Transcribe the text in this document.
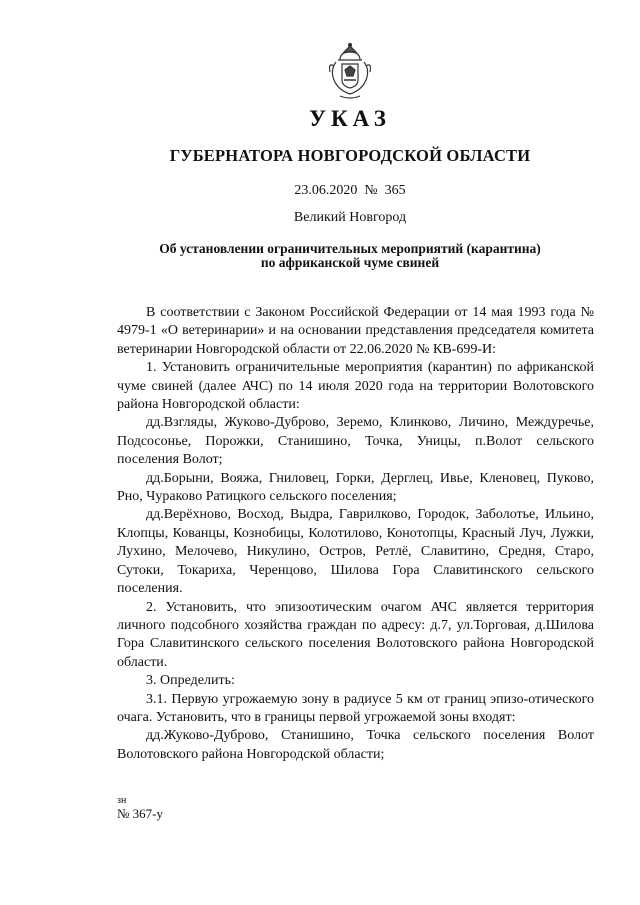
УКАЗ
ГУБЕРНАТОРА НОВГОРОДСКОЙ ОБЛАСТИ
23.06.2020  №  365
Великий Новгород
Об установлении ограничительных мероприятий (карантина)
по африканской чуме свиней

В соответствии с Законом Российской Федерации от 14 мая 1993 года № 4979-1 «О ветеринарии» и на основании представления председателя комитета ветеринарии Новгородской области от 22.06.2020 № КВ-699-И:

1. Установить ограничительные мероприятия (карантин) по африканской чуме свиней (далее АЧС) по 14 июля 2020 года на территории Волотовского района Новгородской области:

дд.Взгляды, Жуково-Дуброво, Зеремо, Клинково, Личино, Междуречье, Подсосонье, Порожки, Станишино, Точка, Уницы, п.Волот сельского поселения Волот;

дд.Борыни, Вояжа, Гниловец, Горки, Дерглец, Ивье, Кленовец, Пуково, Рно, Чураково Ратицкого сельского поселения;

дд.Верёхново, Восход, Выдра, Гаврилково, Городок, Заболотье, Ильино, Клопцы, Кованцы, Кознобицы, Колотилово, Конотопцы, Красный Луч, Лужки, Лухино, Мелочево, Никулино, Остров, Ретлё, Славитино, Средня, Старо, Сутоки, Токариха, Черенцово, Шилова Гора Славитинского сельского поселения.

2. Установить, что эпизоотическим очагом АЧС является территория личного подсобного хозяйства граждан по адресу: д.7, ул.Торговая, д.Шилова Гора Славитинского сельского поселения Волотовского района Новгородской области.

3. Определить:

3.1. Первую угрожаемую зону в радиусе 5 км от границ эпизо-отического очага. Установить, что в границы первой угрожаемой зоны входят:

дд.Жуково-Дуброво, Станишино, Точка сельского поселения Волот Волотовского района Новгородской области;

зн
№ 367-у
